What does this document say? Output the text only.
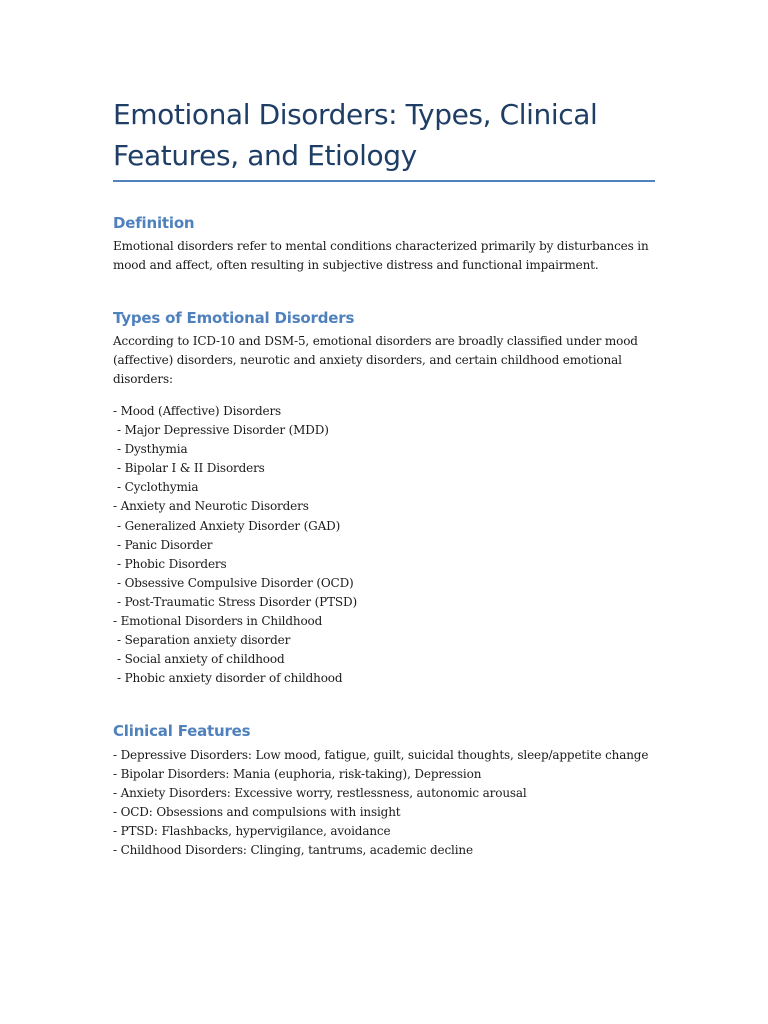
Emotional Disorders: Types, Clinical Features, and Etiology
Definition

Emotional disorders refer to mental conditions characterized primarily by disturbances in mood and affect, often resulting in subjective distress and functional impairment.

Types of Emotional Disorders

According to ICD-10 and DSM-5, emotional disorders are broadly classified under mood (affective) disorders, neurotic and anxiety disorders, and certain childhood emotional disorders:

- Mood (Affective) Disorders
- Major Depressive Disorder (MDD)
- Dysthymia
- Bipolar I & II Disorders
- Cyclothymia
- Anxiety and Neurotic Disorders
- Generalized Anxiety Disorder (GAD)
- Panic Disorder
- Phobic Disorders
- Obsessive Compulsive Disorder (OCD)
- Post-Traumatic Stress Disorder (PTSD)
- Emotional Disorders in Childhood
- Separation anxiety disorder
- Social anxiety of childhood
- Phobic anxiety disorder of childhood
Clinical Features
- Depressive Disorders: Low mood, fatigue, guilt, suicidal thoughts, sleep/appetite change
- Bipolar Disorders: Mania (euphoria, risk-taking), Depression
- Anxiety Disorders: Excessive worry, restlessness, autonomic arousal
- OCD: Obsessions and compulsions with insight
- PTSD: Flashbacks, hypervigilance, avoidance
- Childhood Disorders: Clinging, tantrums, academic decline
